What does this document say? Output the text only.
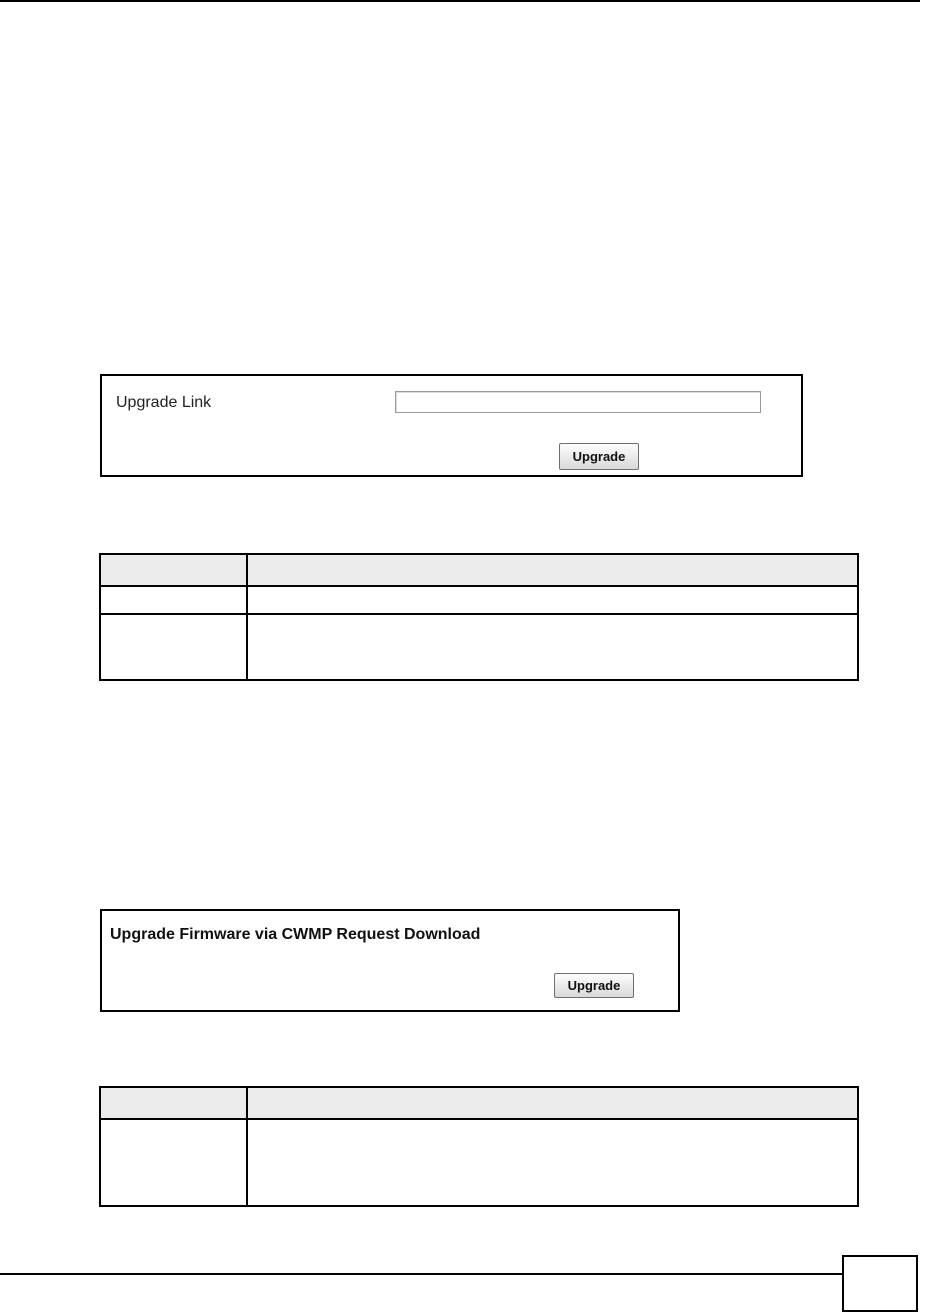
Upgrade Link
Upgrade

Upgrade Firmware via CWMP Request Download
Upgrade
